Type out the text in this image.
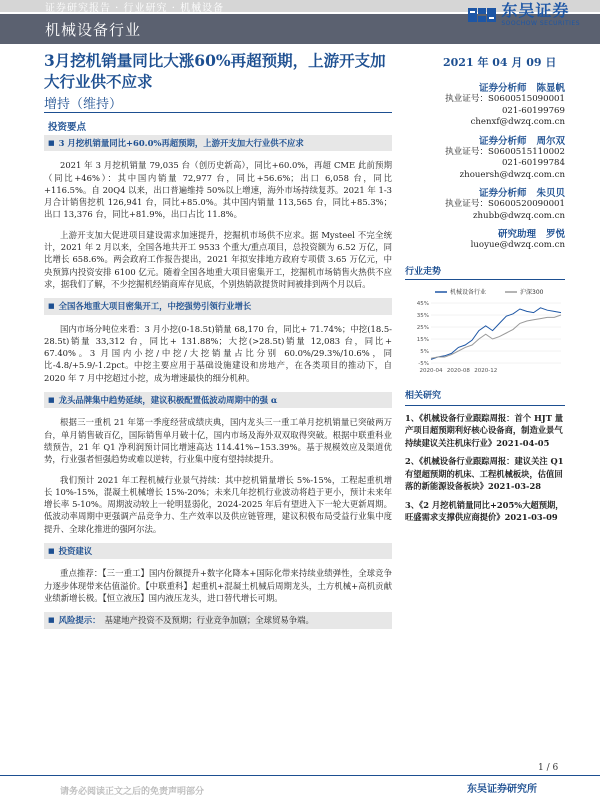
证券研究报告 · 行业研究 · 机械设备
机械设备行业
东吴证券
SOOCHOW SECURITIES
3月挖机销量同比大涨60%再超预期，上游开支加大行业供不应求
增持（维持）
2021 年 04 月 09 日
投资要点
■ 3 月挖机销量同比+60.0%再超预期，上游开支加大行业供不应求

2021 年 3 月挖机销量 79,035 台（创历史新高），同比+60.0%，再超 CME 此前预期（同比+46%）：其中国内销量 72,977 台，同比+56.6%；出口 6,058 台，同比+116.5%。自 20Q4 以来，出口普遍维持 50%以上增速，海外市场持续复苏。2021 年 1-3 月合计销售挖机 126,941 台，同比+85.0%。其中国内销量 113,565 台，同比+85.3%；出口 13,376 台，同比+81.9%，出口占比 11.8%。

上游开支加大促进项目建设需求加速提升，挖掘机市场供不应求。据 Mysteel 不完全统计，2021 年 2 月以来，全国各地共开工 9533 个重大/重点项目，总投资额为 6.52 万亿，同比增长 658.6%。两会政府工作报告提出，2021 年拟安排地方政府专项债 3.65 万亿元，中央预算内投资安排 6100 亿元。随着全国各地重大项目密集开工，挖掘机市场销售火热供不应求，据我们了解，不少挖掘机经销商库存见底，个别热销款提货时间被排到两个月以后。

■ 全国各地重大项目密集开工，中挖强势引领行业增长

国内市场分吨位来看：3 月小挖(0-18.5t)销量 68,170 台，同比+ 71.74%；中挖(18.5-28.5t)销量 33,312 台，同比+ 131.88%；大挖(>28.5t)销量 12,083 台，同比+ 67.40%。3 月国内小挖/中挖/大挖销量占比分别 60.0%/29.3%/10.6%，同比-4.8/+5.9/-1.2pct。中挖主要应用于基础设施建设和房地产，在各类项目的推动下，自 2020 年 7 月中挖超过小挖，成为增速最快的细分机种。

■ 龙头品牌集中趋势延续，建议积极配置低波动周期中的强 α

根据三一重机 21 年第一季度经营成绩庆典，国内龙头三一重工单月挖机销量已突破两万台，单月销售破百亿，国际销售单月破十亿，国内市场及海外双双取得突破。根据中联重科业绩预告，21 年 Q1 净利润预计同比增速高达 114.41%~153.39%。基于规模效应及渠道优势，行业强者恒强趋势或难以逆转，行业集中度有望持续提升。

我们预计 2021 年工程机械行业景气持续：其中挖机销量增长 5%-15%，工程起重机增长 10%-15%，混凝土机械增长 15%-20%；未来几年挖机行业波动将趋于更小，预计未来年增长率 5-10%。周期波动较上一轮明显弱化，2024-2025 年后有望进入下一轮大更新周期。低波动率周期中更强调产品竞争力、生产效率以及供应链管理，建议积极布局受益行业集中度提升、全球化推进的强阿尔法。

■ 投资建议

重点推荐：【三一重工】国内份额提升+数字化降本+国际化带来持续业绩弹性，全球竞争力逐步体现带来估值溢价。【中联重科】起重机+混凝土机械后周期龙头，土方机械+高机贡献业绩新增长极。【恒立液压】国内液压龙头，进口替代增长可期。

■ 风险提示： 基建地产投资不及预期；行业竞争加剧；全球贸易争端。
证券分析师 陈显帆
执业证号：S0600515090001
021-60199769
chenxf@dwzq.com.cn
证券分析师 周尔双
执业证号：S0600515110002
021-60199784
zhouersh@dwzq.com.cn
证券分析师 朱贝贝
执业证号：S0600520090001
zhubb@dwzq.com.cn
研究助理 罗悦
luoyue@dwzq.com.cn
行业走势
45%
35%
25%
15%
5%
-5%
2020-04 2020-08 2020-12
机械设备行业	沪深300
相关研究
1、《机械设备行业跟踪周报：首个 HJT 量产项目超预期利好核心设备商，制造业景气持续建议关注机床行业》2021-04-05
2、《机械设备行业跟踪周报：建议关注 Q1 有望超预期的机床、工程机械板块，估值回落的新能源设备板块》2021-03-28
3、《2 月挖机销量同比+205%大超预期，旺盛需求支撑供应商提价》2021-03-09
1 / 6
请务必阅读正文之后的免责声明部分	东吴证券研究所
